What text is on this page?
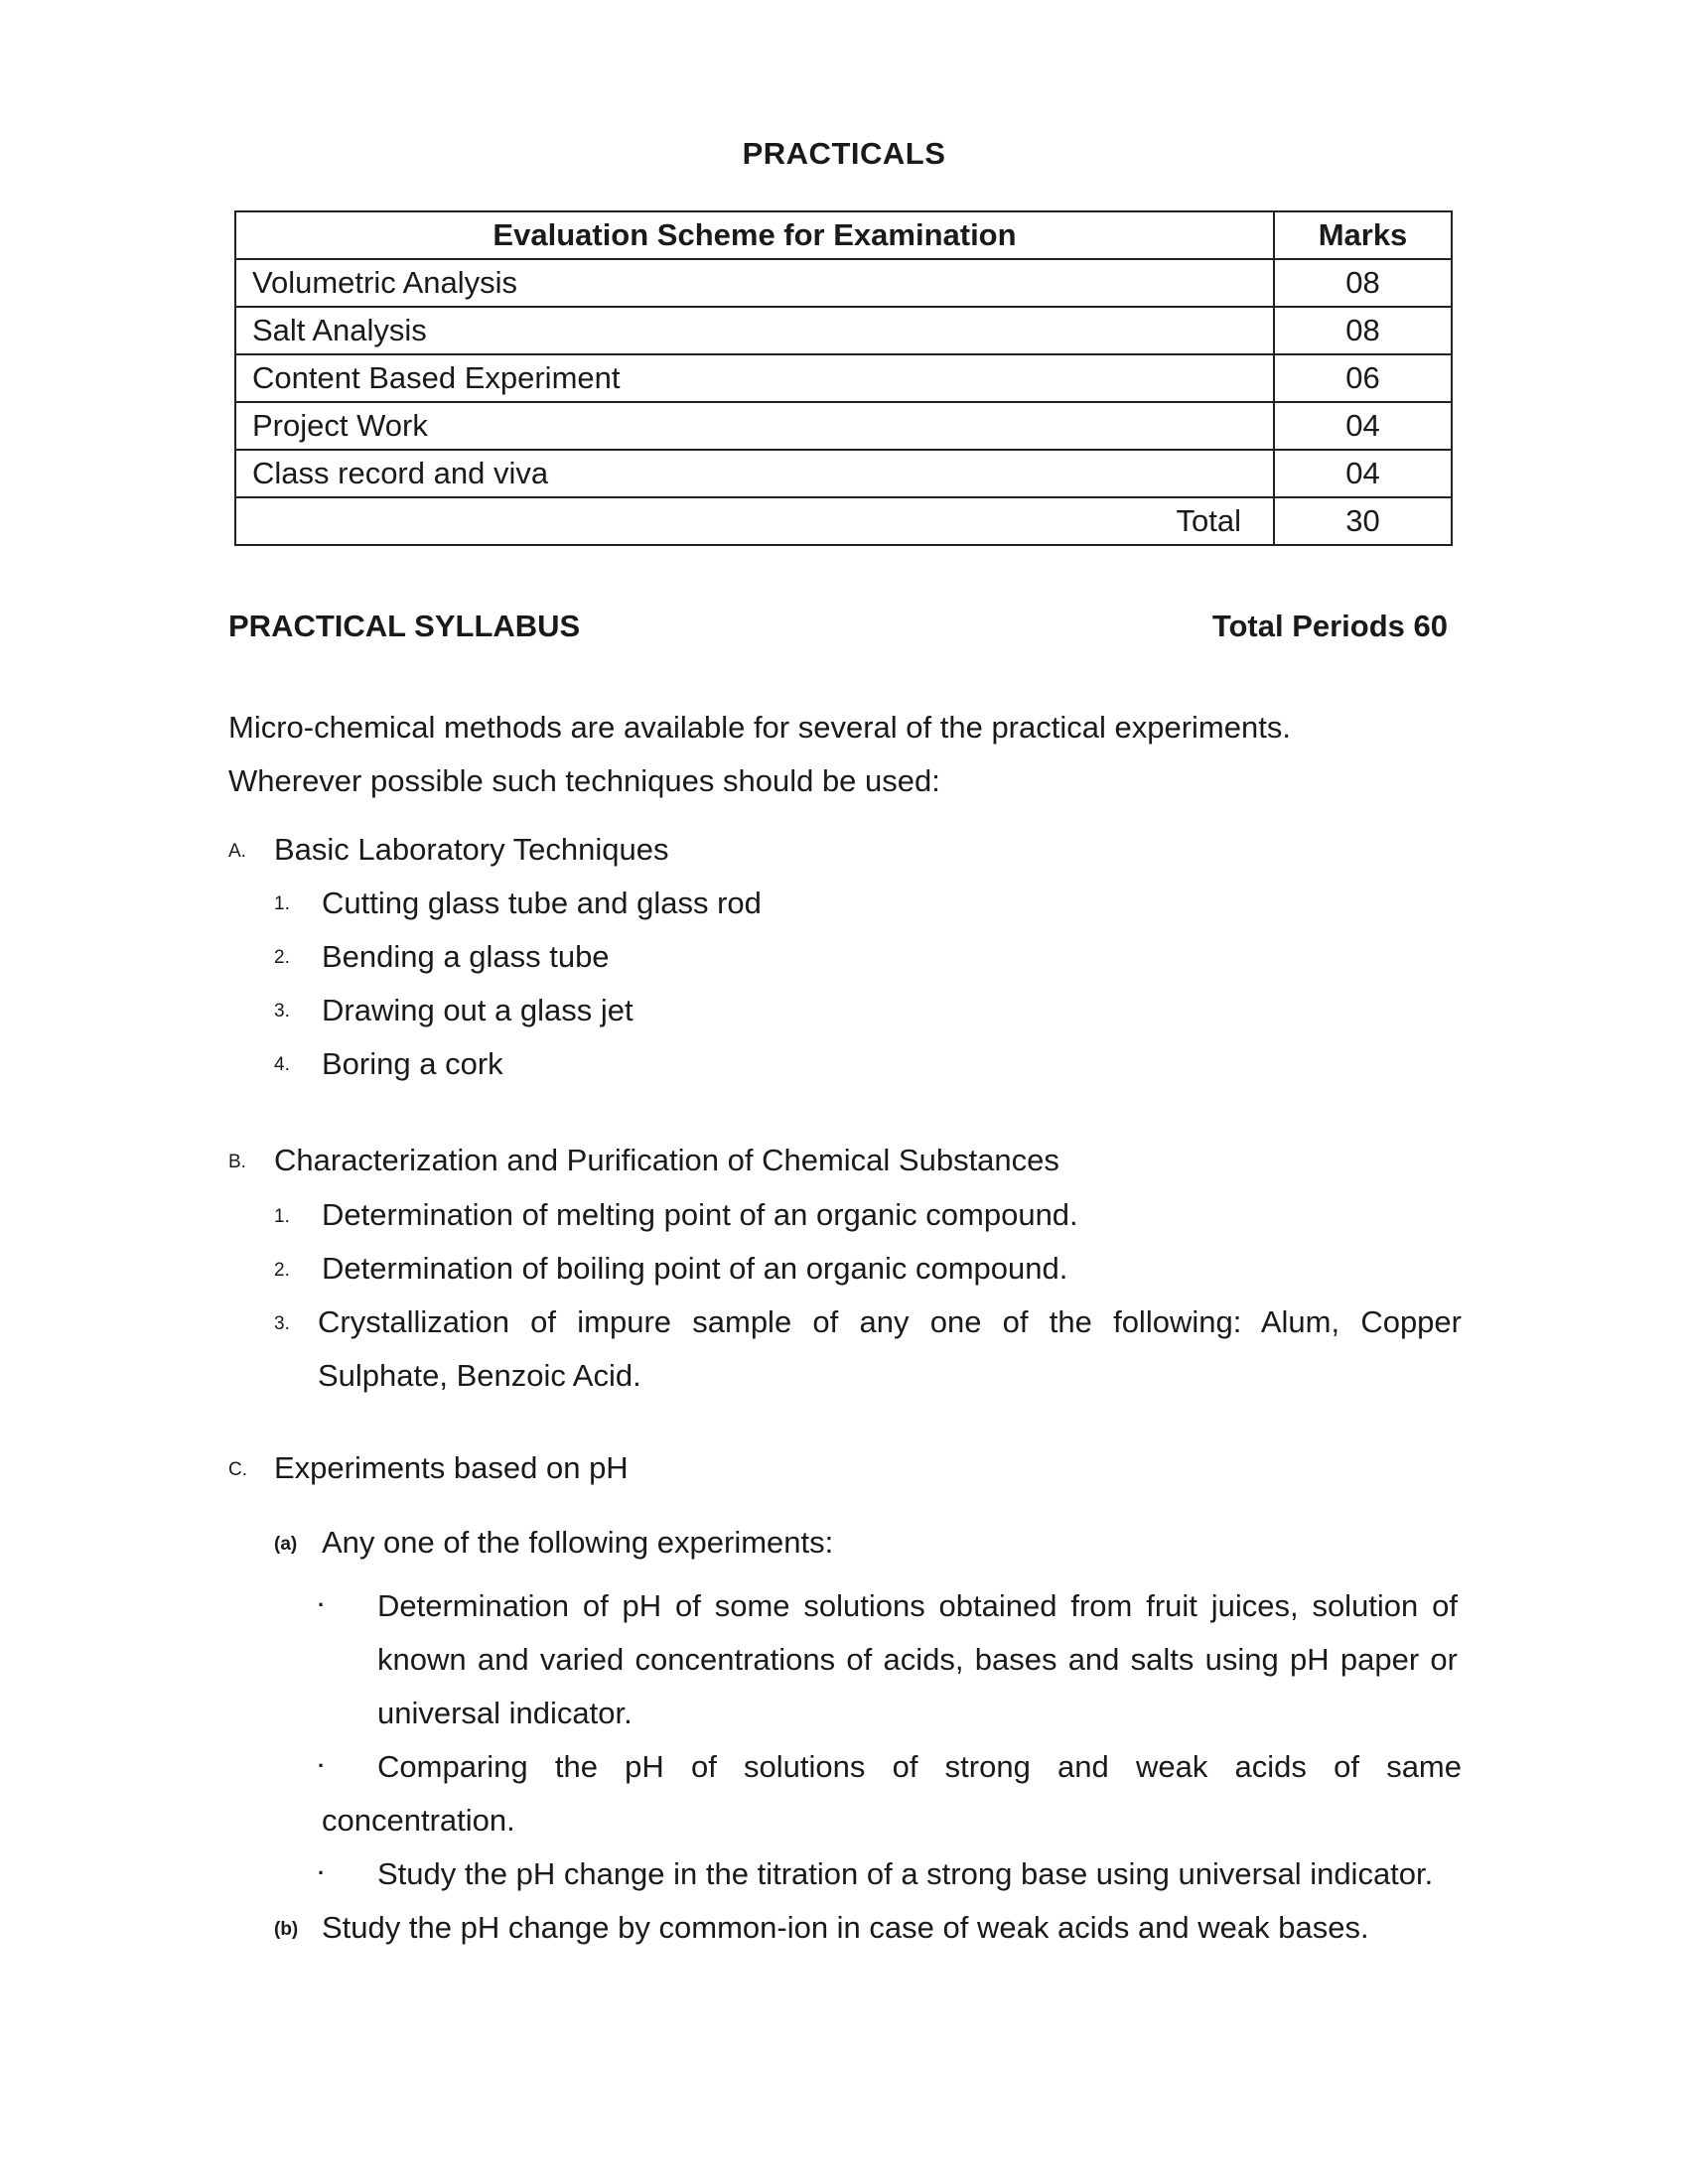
PRACTICALS
Evaluation Scheme for Examination	Marks
Volumetric Analysis	08
Salt Analysis	08
Content Based Experiment	06
Project Work	04
Class record and viva	04
Total	30
PRACTICAL SYLLABUS	Total Periods 60
Micro-chemical methods are available for several of the practical experiments.
Wherever possible such techniques should be used:
A. Basic Laboratory Techniques
1. Cutting glass tube and glass rod
2. Bending a glass tube
3. Drawing out a glass jet
4. Boring a cork
B. Characterization and Purification of Chemical Substances
1. Determination of melting point of an organic compound.
2. Determination of boiling point of an organic compound.
3. Crystallization of impure sample of any one of the following: Alum, Copper
Sulphate, Benzoic Acid.
C. Experiments based on pH
(a) Any one of the following experiments:
· Determination of pH of some solutions obtained from fruit juices, solution of
known and varied concentrations of acids, bases and salts using pH paper or
universal indicator.
· Comparing the pH of solutions of strong and weak acids of same
concentration.
· Study the pH change in the titration of a strong base using universal indicator.
(b) Study the pH change by common-ion in case of weak acids and weak bases.
